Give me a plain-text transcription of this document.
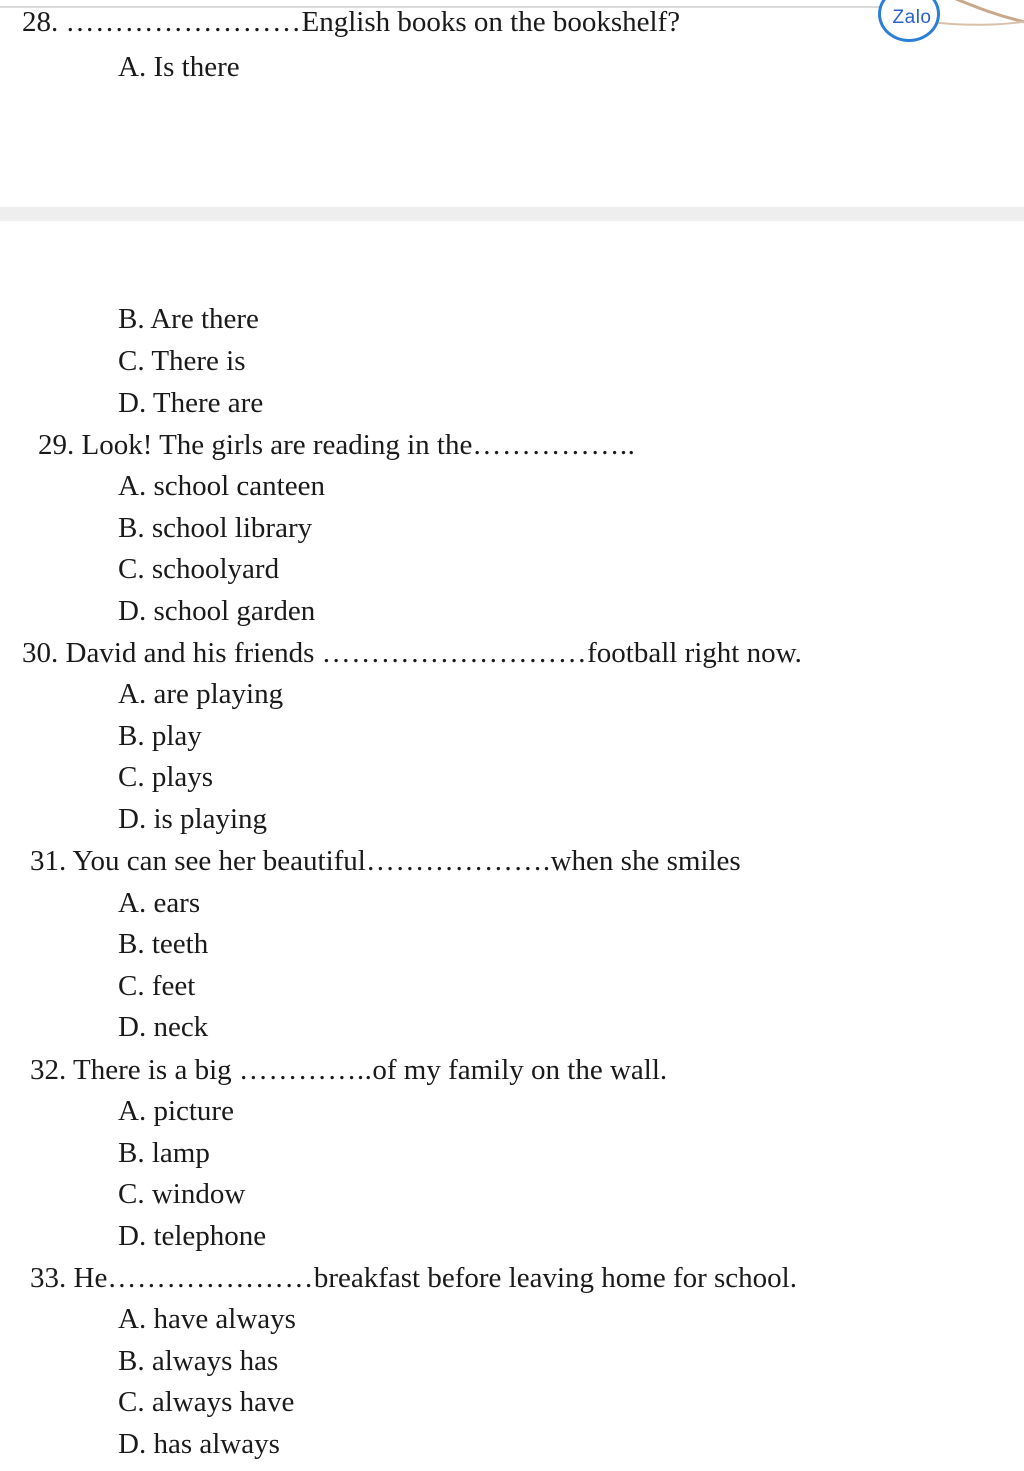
Zalo
28. ……………………English books on the bookshelf?
A. Is there
B. Are there
C. There is
D. There are
29. Look! The girls are reading in the……………..
A. school canteen
B. school library
C. schoolyard
D. school garden
30. David and his friends ………………………football right now.
A. are playing
B. play
C. plays
D. is playing
31. You can see her beautiful……………….when she smiles
A. ears
B. teeth
C. feet
D. neck
32. There is a big …………..of my family on the wall.
A. picture
B. lamp
C. window
D. telephone
33. He…………………breakfast before leaving home for school.
A. have always
B. always has
C. always have
D. has always
